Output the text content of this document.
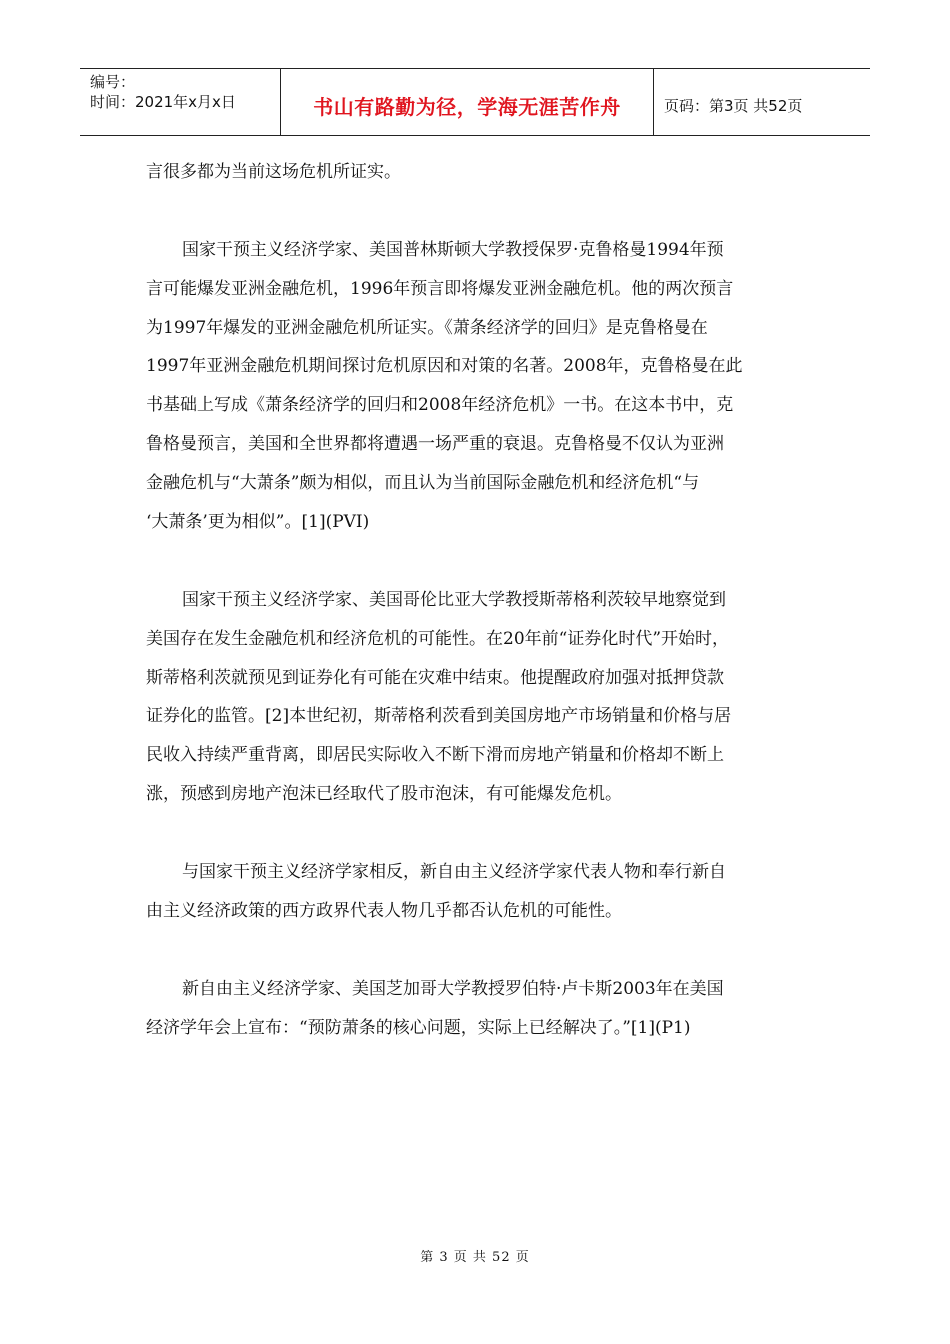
编号：
时间：2021年x月x日	书山有路勤为径，学海无涯苦作舟	页码：第3页 共52页
言很多都为当前这场危机所证实。
国家干预主义经济学家、美国普林斯顿大学教授保罗·克鲁格曼1994年预
言可能爆发亚洲金融危机，1996年预言即将爆发亚洲金融危机。他的两次预言
为1997年爆发的亚洲金融危机所证实。《萧条经济学的回归》是克鲁格曼在
1997年亚洲金融危机期间探讨危机原因和对策的名著。2008年，克鲁格曼在此
书基础上写成《萧条经济学的回归和2008年经济危机》一书。在这本书中，克
鲁格曼预言，美国和全世界都将遭遇一场严重的衰退。克鲁格曼不仅认为亚洲
金融危机与“大萧条”颇为相似，而且认为当前国际金融危机和经济危机“与
‘大萧条’更为相似”。[1](PVI)
国家干预主义经济学家、美国哥伦比亚大学教授斯蒂格利茨较早地察觉到
美国存在发生金融危机和经济危机的可能性。在20年前“证券化时代”开始时，
斯蒂格利茨就预见到证券化有可能在灾难中结束。他提醒政府加强对抵押贷款
证券化的监管。[2]本世纪初，斯蒂格利茨看到美国房地产市场销量和价格与居
民收入持续严重背离，即居民实际收入不断下滑而房地产销量和价格却不断上
涨，预感到房地产泡沫已经取代了股市泡沫，有可能爆发危机。
与国家干预主义经济学家相反，新自由主义经济学家代表人物和奉行新自
由主义经济政策的西方政界代表人物几乎都否认危机的可能性。
新自由主义经济学家、美国芝加哥大学教授罗伯特·卢卡斯2003年在美国
经济学年会上宣布：“预防萧条的核心问题，实际上已经解决了。”[1](P1)
第 3 页 共 52 页
